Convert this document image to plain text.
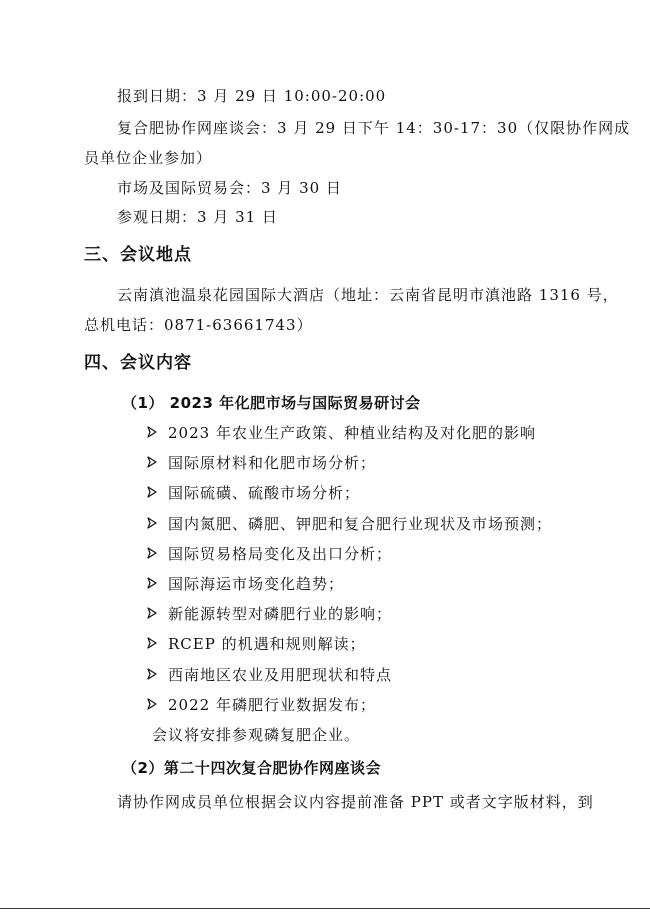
报到日期：3 月 29 日 10:00-20:00
复合肥协作网座谈会：3 月 29 日下午 14：30-17：30（仅限协作网成
员单位企业参加）
市场及国际贸易会：3 月 30 日
参观日期：3 月 31 日
三、会议地点
云南滇池温泉花园国际大酒店（地址：云南省昆明市滇池路 1316 号，
总机电话：0871-63661743）
四、会议内容
（1） 2023 年化肥市场与国际贸易研讨会
2023 年农业生产政策、种植业结构及对化肥的影响
国际原材料和化肥市场分析；
国际硫磺、硫酸市场分析；
国内氮肥、磷肥、钾肥和复合肥行业现状及市场预测；
国际贸易格局变化及出口分析；
国际海运市场变化趋势；
新能源转型对磷肥行业的影响；
RCEP 的机遇和规则解读；
西南地区农业及用肥现状和特点
2022 年磷肥行业数据发布；
会议将安排参观磷复肥企业。
（2）第二十四次复合肥协作网座谈会
请协作网成员单位根据会议内容提前准备 PPT 或者文字版材料，到
